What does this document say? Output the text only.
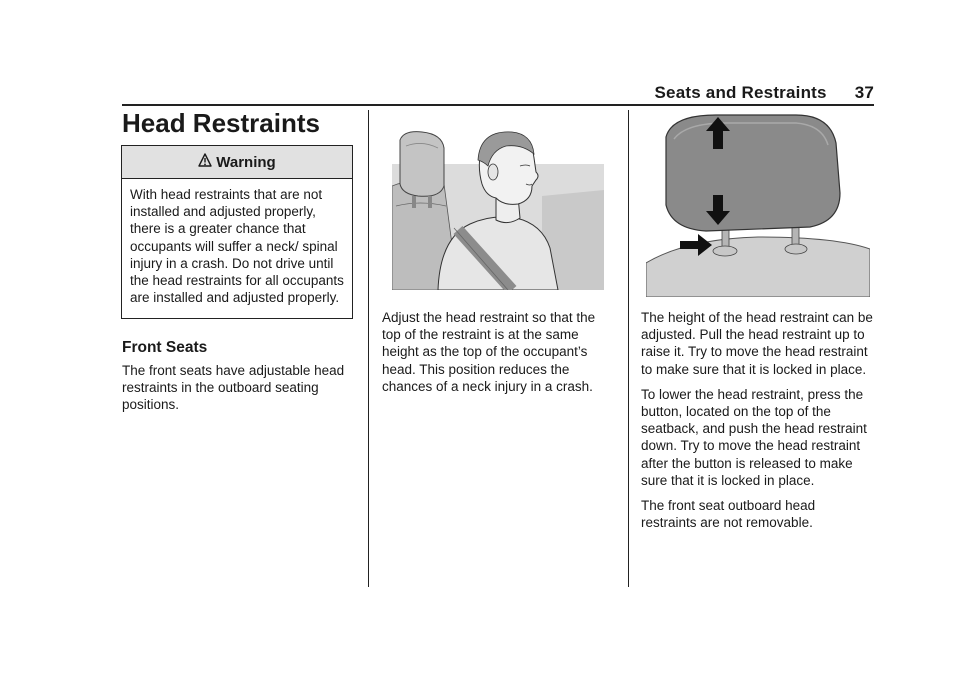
Seats and Restraints 37
Head Restraints
Warning
With head restraints that are not installed and adjusted properly, there is a greater chance that occupants will suffer a neck/ spinal injury in a crash. Do not drive until the head restraints for all occupants are installed and adjusted properly.
Front Seats

The front seats have adjustable head restraints in the outboard seating positions.

Adjust the head restraint so that the top of the restraint is at the same height as the top of the occupant’s head. This position reduces the chances of a neck injury in a crash.

The height of the head restraint can be adjusted. Pull the head restraint up to raise it. Try to move the head restraint to make sure that it is locked in place.

To lower the head restraint, press the button, located on the top of the seatback, and push the head restraint down. Try to move the head restraint after the button is released to make sure that it is locked in place.

The front seat outboard head restraints are not removable.
